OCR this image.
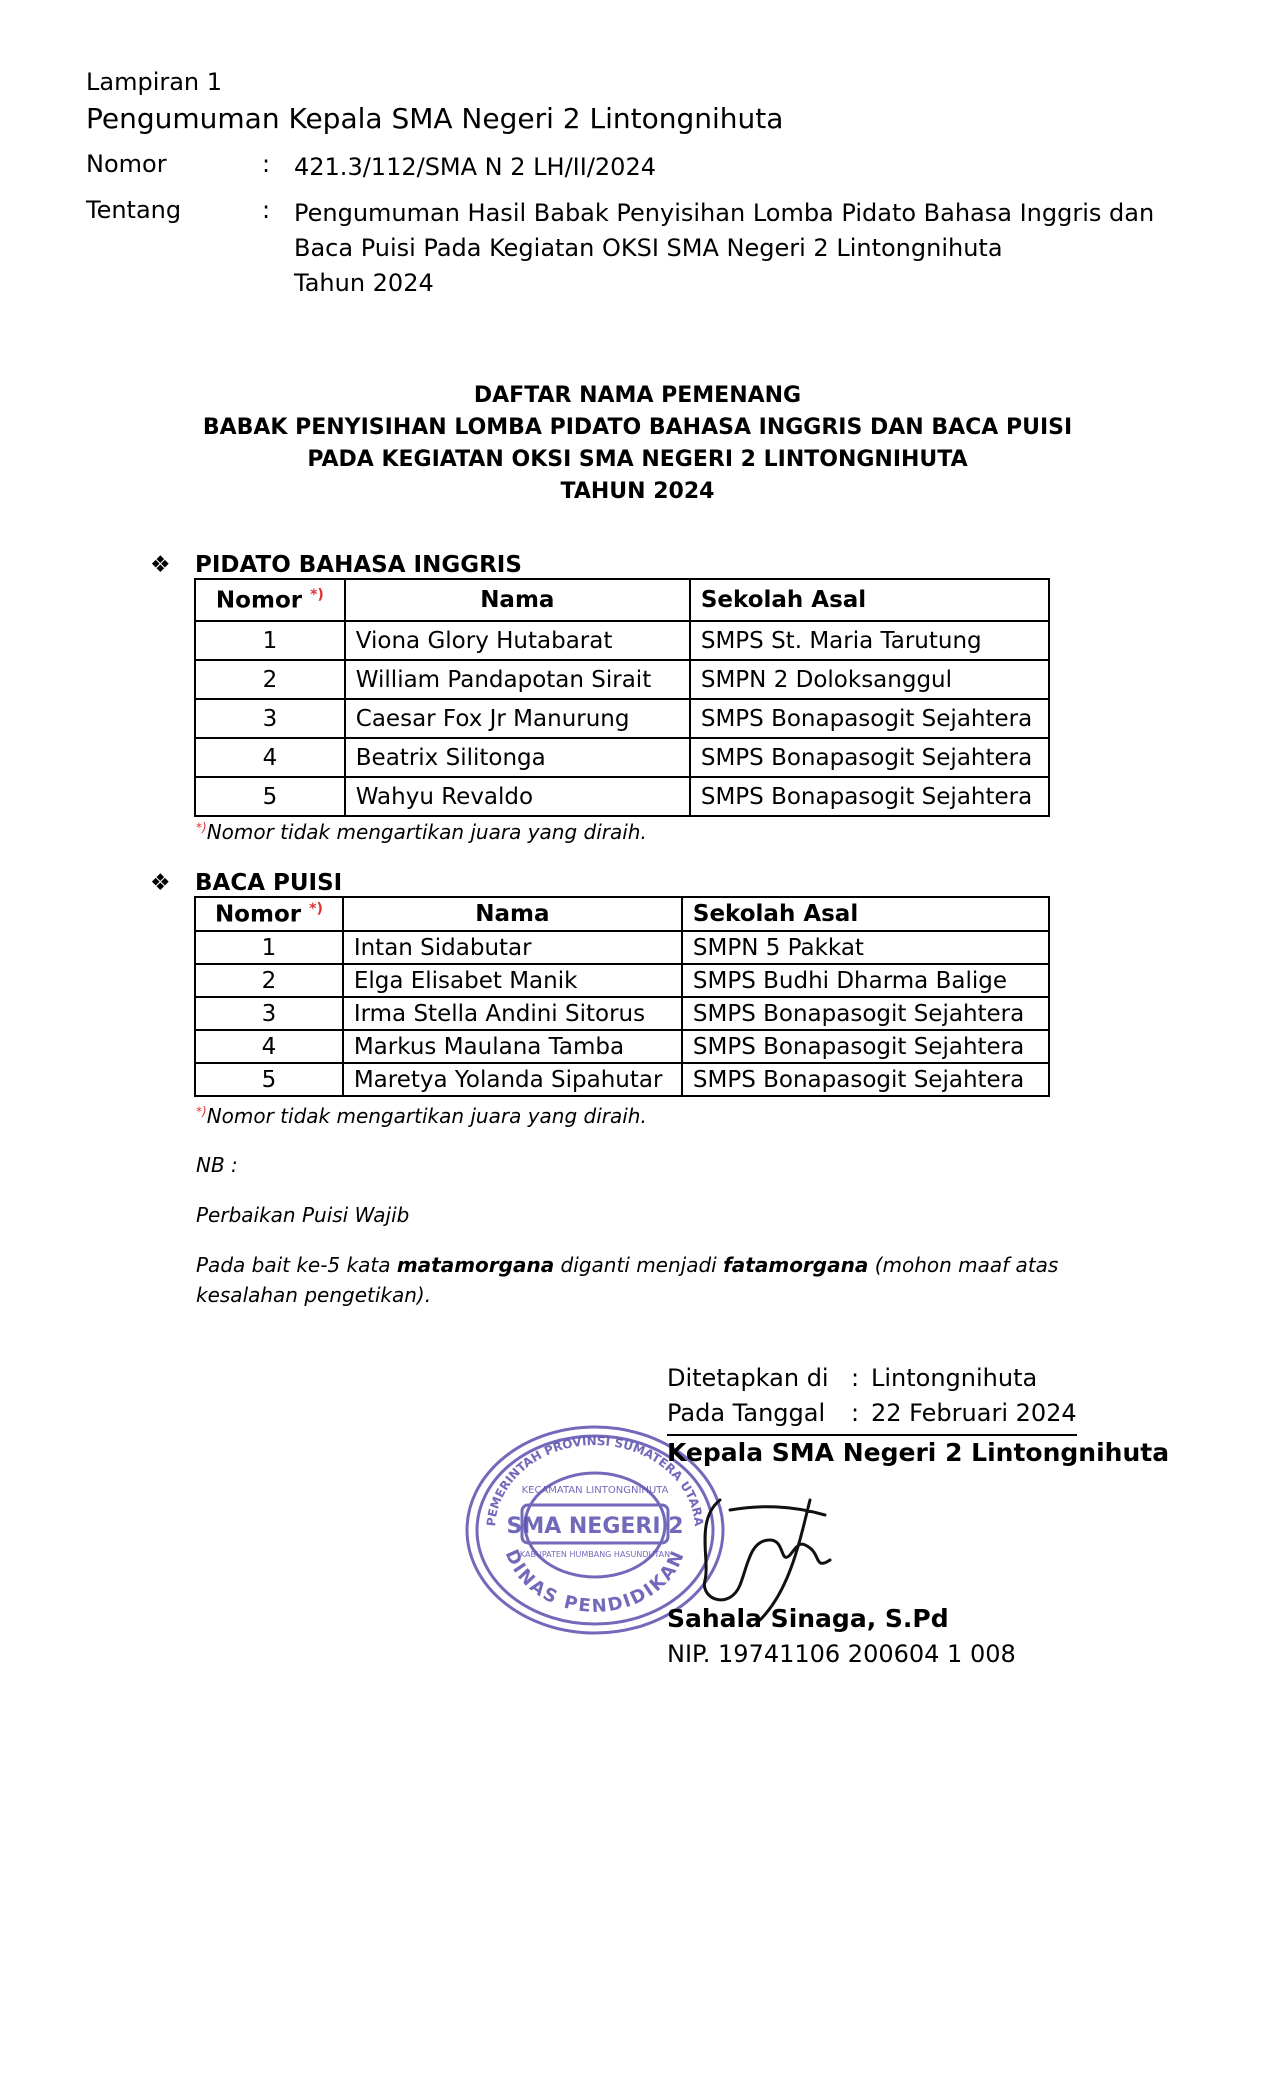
Lampiran 1
Pengumuman Kepala SMA Negeri 2 Lintongnihuta
Nomor	: 421.3/112/SMA N 2 LH/II/2024
Tentang	: Pengumuman Hasil Babak Penyisihan Lomba Pidato Bahasa Inggris dan
Baca Puisi Pada Kegiatan OKSI SMA Negeri 2 Lintongnihuta
Tahun 2024
DAFTAR NAMA PEMENANG
BABAK PENYISIHAN LOMBA PIDATO BAHASA INGGRIS DAN BACA PUISI
PADA KEGIATAN OKSI SMA NEGERI 2 LINTONGNIHUTA
TAHUN 2024
❖ PIDATO BAHASA INGGRIS
Nomor *)	Nama	Sekolah Asal
1	Viona Glory Hutabarat	SMPS St. Maria Tarutung
2	William Pandapotan Sirait	SMPN 2 Doloksanggul
3	Caesar Fox Jr Manurung	SMPS Bonapasogit Sejahtera
4	Beatrix Silitonga	SMPS Bonapasogit Sejahtera
5	Wahyu Revaldo	SMPS Bonapasogit Sejahtera
*)Nomor tidak mengartikan juara yang diraih.
❖ BACA PUISI
Nomor *)	Nama	Sekolah Asal
1	Intan Sidabutar	SMPN 5 Pakkat
2	Elga Elisabet Manik	SMPS Budhi Dharma Balige
3	Irma Stella Andini Sitorus	SMPS Bonapasogit Sejahtera
4	Markus Maulana Tamba	SMPS Bonapasogit Sejahtera
5	Maretya Yolanda Sipahutar	SMPS Bonapasogit Sejahtera
*)Nomor tidak mengartikan juara yang diraih.
NB :
Perbaikan Puisi Wajib
Pada bait ke-5 kata matamorgana diganti menjadi fatamorgana (mohon maaf atas kesalahan pengetikan).
PEMERINTAH PROVINSI SUMATERA UTARA
DINAS PENDIDIKAN
KECAMATAN LINTONGNIHUTA
SMA NEGERI 2
KABUPATEN HUMBANG HASUNDUTAN
Ditetapkan di : Lintongnihuta
Pada Tanggal : 22 Februari 2024
Kepala SMA Negeri 2 Lintongnihuta
Sahala Sinaga, S.Pd
NIP. 19741106 200604 1 008
